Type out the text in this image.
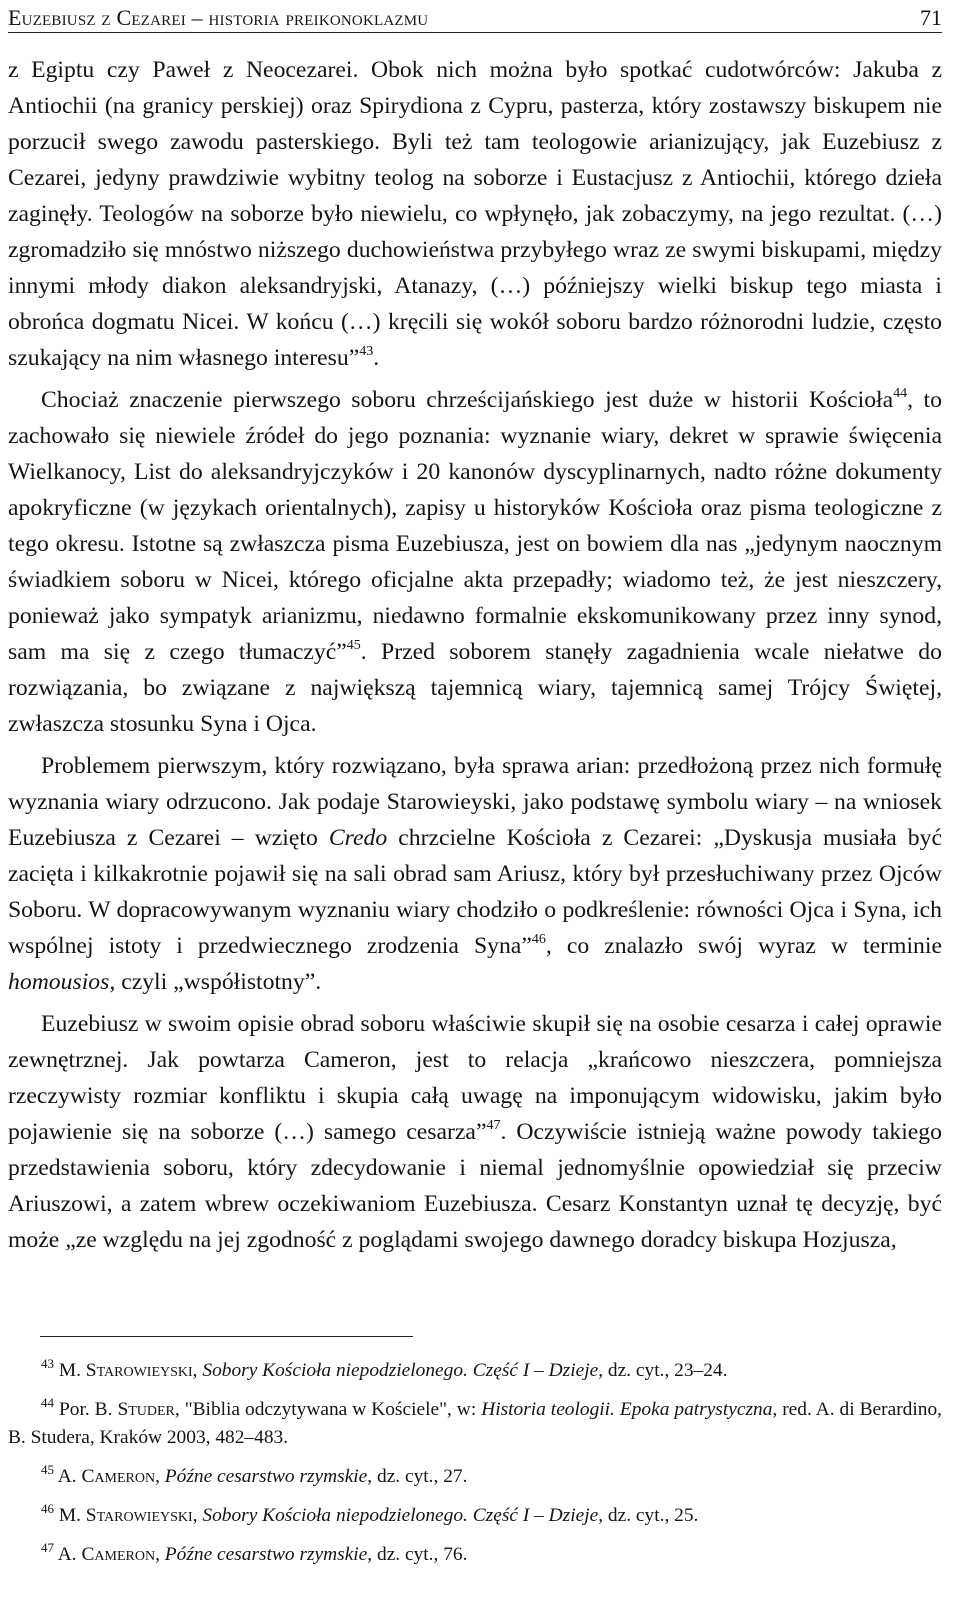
Euzebiusz z Cezarei – historia preikonoklazmu	71

z Egiptu czy Paweł z Neocezarei. Obok nich można było spotkać cudotwórców: Jakuba z Antiochii (na granicy perskiej) oraz Spirydiona z Cypru, pasterza, który zostawszy biskupem nie porzucił swego zawodu pasterskiego. Byli też tam teologowie arianizujący, jak Euzebiusz z Cezarei, jedyny prawdziwie wybitny teolog na soborze i Eustacjusz z Antiochii, którego dzieła zaginęły. Teologów na soborze było niewielu, co wpłynęło, jak zobaczymy, na jego rezultat. (…) zgromadziło się mnóstwo niższego duchowieństwa przybyłego wraz ze swymi biskupami, między innymi młody diakon aleksandryjski, Atanazy, (…) późniejszy wielki biskup tego miasta i obrońca dogmatu Nicei. W końcu (…) kręcili się wokół soboru bardzo różnorodni ludzie, często szukający na nim własnego interesu”$^{43}$.

Chociaż znaczenie pierwszego soboru chrześcijańskiego jest duże w historii Kościoła$^{44}$, to zachowało się niewiele źródeł do jego poznania: wyznanie wiary, dekret w sprawie święcenia Wielkanocy, List do aleksandryjczyków i 20 kanonów dyscyplinarnych, nadto różne dokumenty apokryficzne (w językach orientalnych), zapisy u historyków Kościoła oraz pisma teologiczne z tego okresu. Istotne są zwłaszcza pisma Euzebiusza, jest on bowiem dla nas „jedynym naocznym świadkiem soboru w Nicei, którego oficjalne akta przepadły; wiadomo też, że jest nieszczery, ponieważ jako sympatyk arianizmu, niedawno formalnie ekskomunikowany przez inny synod, sam ma się z czego tłumaczyć”$^{45}$. Przed soborem stanęły zagadnienia wcale niełatwe do rozwiązania, bo związane z największą tajemnicą wiary, tajemnicą samej Trójcy Świętej, zwłaszcza stosunku Syna i Ojca.

Problemem pierwszym, który rozwiązano, była sprawa arian: przedłożoną przez nich formułę wyznania wiary odrzucono. Jak podaje Starowieyski, jako podstawę symbolu wiary – na wniosek Euzebiusza z Cezarei – wzięto Credo chrzcielne Kościoła z Cezarei: „Dyskusja musiała być zacięta i kilkakrotnie pojawił się na sali obrad sam Ariusz, który był przesłuchiwany przez Ojców Soboru. W dopracowywanym wyznaniu wiary chodziło o podkreślenie: równości Ojca i Syna, ich wspólnej istoty i przedwiecznego zrodzenia Syna”$^{46}$, co znalazło swój wyraz w terminie homousios, czyli „współistotny”.

Euzebiusz w swoim opisie obrad soboru właściwie skupił się na osobie cesarza i całej oprawie zewnętrznej. Jak powtarza Cameron, jest to relacja „krańcowo nieszczera, pomniejsza rzeczywisty rozmiar konfliktu i skupia całą uwagę na imponującym widowisku, jakim było pojawienie się na soborze (…) samego cesarza”$^{47}$. Oczywiście istnieją ważne powody takiego przedstawienia soboru, który zdecydowanie i niemal jednomyślnie opowiedział się przeciw Ariuszowi, a zatem wbrew oczekiwaniom Euzebiusza. Cesarz Konstantyn uznał tę decyzję, być może „ze względu na jej zgodność z poglądami swojego dawnego doradcy biskupa Hozjusza,

$^{43}$ M. Starowieyski, Sobory Kościoła niepodzielonego. Część I – Dzieje, dz. cyt., 23–24.

$^{44}$ Por. B. Studer, "Biblia odczytywana w Kościele", w: Historia teologii. Epoka patrystyczna, red. A. di Berardino, B. Studera, Kraków 2003, 482–483.

$^{45}$ A. Cameron, Późne cesarstwo rzymskie, dz. cyt., 27.

$^{46}$ M. Starowieyski, Sobory Kościoła niepodzielonego. Część I – Dzieje, dz. cyt., 25.

$^{47}$ A. Cameron, Późne cesarstwo rzymskie, dz. cyt., 76.
